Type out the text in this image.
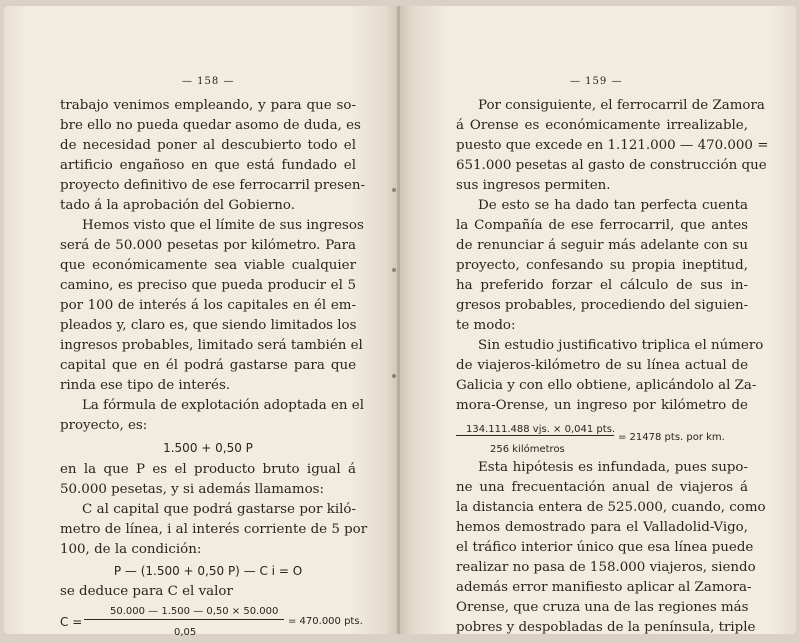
— 158 —

trabajo venimos empleando, y para que so-

bre ello no pueda quedar asomo de duda, es

de necesidad poner al descubierto todo el

artificio engañoso en que está fundado el

proyecto definitivo de ese ferrocarril presen-

tado á la aprobación del Gobierno.

Hemos visto que el límite de sus ingresos

será de 50.000 pesetas por kilómetro. Para

que económicamente sea viable cualquier

camino, es preciso que pueda producir el 5

por 100 de interés á los capitales en él em-

pleados y, claro es, que siendo limitados los

ingresos probables, limitado será también el

capital que en él podrá gastarse para que

rinda ese tipo de interés.

La fórmula de explotación adoptada en el

proyecto, es:

1.500 + 0,50 P

en la que P es el producto bruto igual á

50.000 pesetas, y si además llamamos:

C al capital que podrá gastarse por kiló-

metro de línea, i al interés corriente de 5 por

100, de la condición:

P — (1.500 + 0,50 P) — C i = O

se deduce para C el valor

C =
50.000 — 1.500 — 0,50 × 50.000
0,05
= 470.000 pts.
— 159 —

Por consiguiente, el ferrocarril de Zamora

á Orense es económicamente irrealizable,

puesto que excede en 1.121.000 — 470.000 =

651.000 pesetas al gasto de construcción que

sus ingresos permiten.

De esto se ha dado tan perfecta cuenta

la Compañía de ese ferrocarril, que antes

de renunciar á seguir más adelante con su

proyecto, confesando su propia ineptitud,

ha preferido forzar el cálculo de sus in-

gresos probables, procediendo del siguien-

te modo:

Sin estudio justificativo triplica el número

de viajeros-kilómetro de su línea actual de

Galicia y con ello obtiene, aplicándolo al Za-

mora-Orense, un ingreso por kilómetro de

134.111.488 vjs. × 0,041 pts.
256 kilómetros
= 21478 pts. por km.

Esta hipótesis es infundada, pues supo-

ne una frecuentación anual de viajeros á

la distancia entera de 525.000, cuando, como

hemos demostrado para el Valladolid-Vigo,

el tráfico interior único que esa línea puede

realizar no pasa de 158.000 viajeros, siendo

además error manifiesto aplicar al Zamora-

Orense, que cruza una de las regiones más

pobres y despobladas de la península, triple
